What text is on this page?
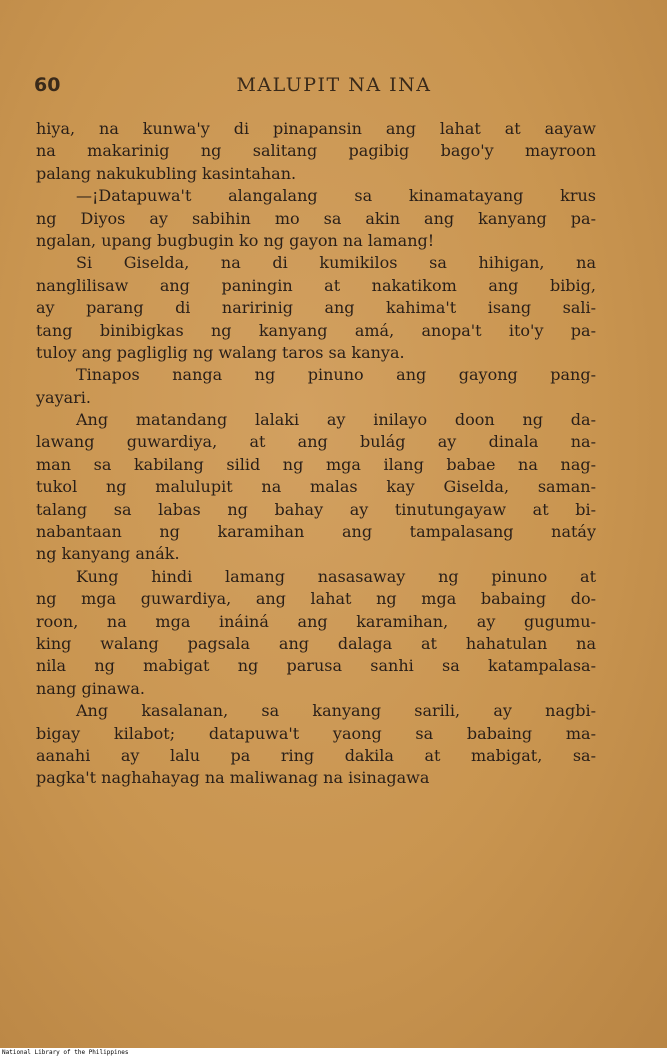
60	MALUPIT NA INA
hiya, na kunwa'y di pinapansin ang lahat at aayaw
na makarinig ng salitang pagibig bago'y mayroon
palang nakukubling kasintahan.
—¡Datapuwa't alangalang sa kinamatayang krus
ng Diyos ay sabihin mo sa akin ang kanyang pa-
ngalan, upang bugbugin ko ng gayon na lamang!
Si Giselda, na di kumikilos sa hihigan, na
nanglilisaw ang paningin at nakatikom ang bibig,
ay parang di naririnig ang kahima't isang sali-
tang binibigkas ng kanyang amá, anopa't ito'y pa-
tuloy ang pagliglig ng walang taros sa kanya.
Tinapos nanga ng pinuno ang gayong pang-
yayari.
Ang matandang lalaki ay inilayo doon ng da-
lawang guwardiya, at ang bulág ay dinala na-
man sa kabilang silid ng mga ilang babae na nag-
tukol ng malulupit na malas kay Giselda, saman-
talang sa labas ng bahay ay tinutungayaw at bi-
nabantaan ng karamihan ang tampalasang natáy
ng kanyang anák.
Kung hindi lamang nasasaway ng pinuno at
ng mga guwardiya, ang lahat ng mga babaing do-
roon, na mga ináiná ang karamihan, ay gugumu-
king walang pagsala ang dalaga at hahatulan na
nila ng mabigat ng parusa sanhi sa katampalasa-
nang ginawa.
Ang kasalanan, sa kanyang sarili, ay nagbi-
bigay kilabot; datapuwa't yaong sa babaing ma-
aanahi ay lalu pa ring dakila at mabigat, sa-
pagka't naghahayag na maliwanag na isinagawa
National Library of the Philippines
